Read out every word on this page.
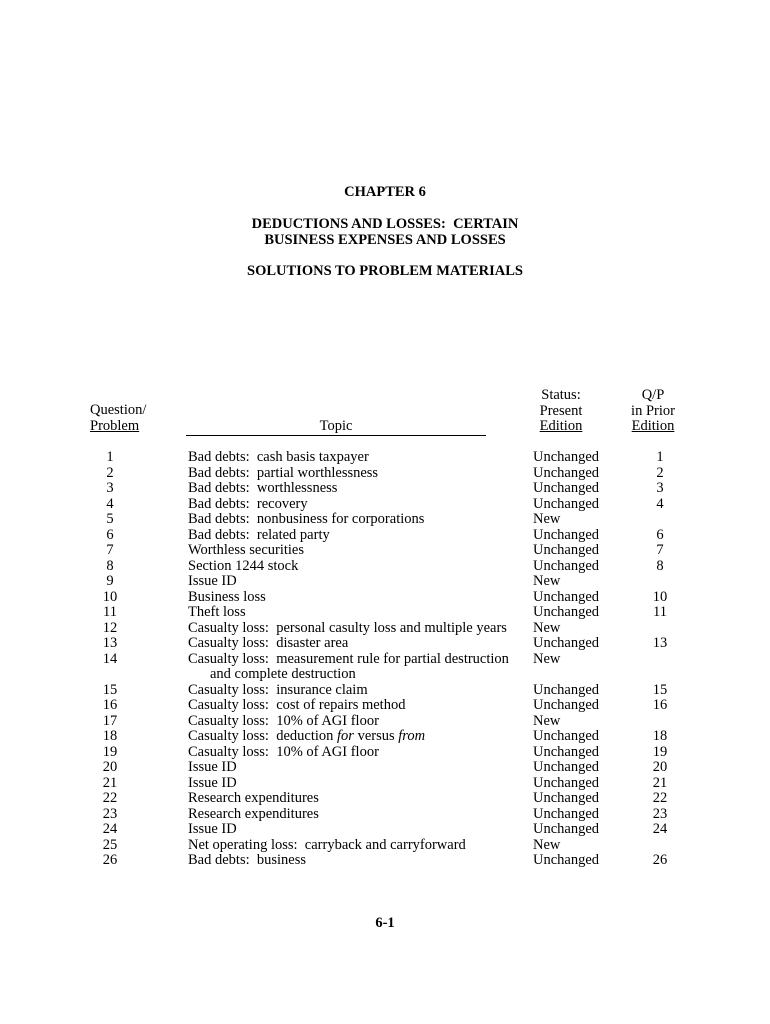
CHAPTER 6
DEDUCTIONS AND LOSSES:  CERTAIN
BUSINESS EXPENSES AND LOSSES
SOLUTIONS TO PROBLEM MATERIALS
Question/
Problem	Topic
Status:
Present
Edition
Q/P
in Prior
Edition
1	Bad debts:  cash basis taxpayer	Unchanged	1
2	Bad debts:  partial worthlessness	Unchanged	2
3	Bad debts:  worthlessness	Unchanged	3
4	Bad debts:  recovery	Unchanged	4
5	Bad debts:  nonbusiness for corporations	New
6	Bad debts:  related party	Unchanged	6
7	Worthless securities	Unchanged	7
8	Section 1244 stock	Unchanged	8
9	Issue ID	New
10	Business loss	Unchanged	10
11	Theft loss	Unchanged	11
12	Casualty loss:  personal casulty loss and multiple years	New
13	Casualty loss:  disaster area	Unchanged	13
14	Casualty loss:  measurement rule for partial destruction and complete destruction
New
15	Casualty loss:  insurance claim	Unchanged	15
16	Casualty loss:  cost of repairs method	Unchanged	16
17	Casualty loss:  10% of AGI floor	New
18	Casualty loss:  deduction for versus from	Unchanged	18
19	Casualty loss:  10% of AGI floor	Unchanged	19
20	Issue ID	Unchanged	20
21	Issue ID	Unchanged	21
22	Research expenditures	Unchanged	22
23	Research expenditures	Unchanged	23
24	Issue ID	Unchanged	24
25	Net operating loss:  carryback and carryforward	New
26	Bad debts:  business	Unchanged	26
6-1
